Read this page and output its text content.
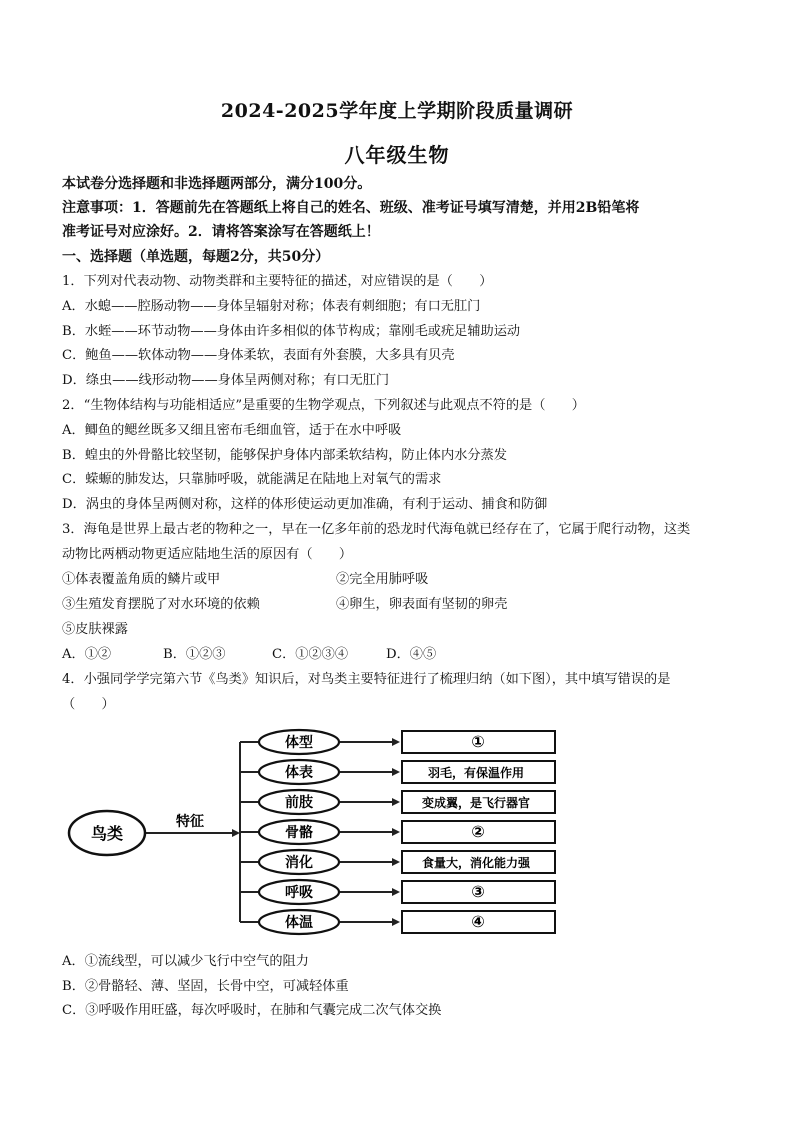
2024-2025学年度上学期阶段质量调研
八年级生物
本试卷分选择题和非选择题两部分，满分100分。
注意事项：1．答题前先在答题纸上将自己的姓名、班级、准考证号填写清楚，并用2B铅笔将
准考证号对应涂好。2．请将答案涂写在答题纸上！
一、选择题（单选题，每题2分，共50分）
1．下列对代表动物、动物类群和主要特征的描述，对应错误的是（　　）
A．水螅——腔肠动物——身体呈辐射对称；体表有刺细胞；有口无肛门
B．水蛭——环节动物——身体由许多相似的体节构成；靠刚毛或疣足辅助运动
C．鲍鱼——软体动物——身体柔软，表面有外套膜，大多具有贝壳
D．绦虫——线形动物——身体呈两侧对称；有口无肛门
2．“生物体结构与功能相适应”是重要的生物学观点，下列叙述与此观点不符的是（　　）
A．鲫鱼的鳃丝既多又细且密布毛细血管，适于在水中呼吸
B．蝗虫的外骨骼比较坚韧，能够保护身体内部柔软结构，防止体内水分蒸发
C．蝾螈的肺发达，只靠肺呼吸，就能满足在陆地上对氧气的需求
D．涡虫的身体呈两侧对称，这样的体形使运动更加准确，有利于运动、捕食和防御
3．海龟是世界上最古老的物种之一，早在一亿多年前的恐龙时代海龟就已经存在了，它属于爬行动物，这类
动物比两栖动物更适应陆地生活的原因有（　　）
①体表覆盖角质的鳞片或甲	②完全用肺呼吸
③生殖发育摆脱了对水环境的依赖	④卵生，卵表面有坚韧的卵壳
⑤皮肤裸露
A．①②	B．①②③	C．①②③④	D．④⑤
4．小强同学学完第六节《鸟类》知识后，对鸟类主要特征进行了梳理归纳（如下图），其中填写错误的是
（　　）
鸟类
特征
体型	①
体表	羽毛，有保温作用
前肢	变成翼，是飞行器官
骨骼	②
消化	食量大，消化能力强
呼吸	③
体温	④
A．①流线型，可以减少飞行中空气的阻力
B．②骨骼轻、薄、坚固，长骨中空，可减轻体重
C．③呼吸作用旺盛，每次呼吸时，在肺和气囊完成二次气体交换
